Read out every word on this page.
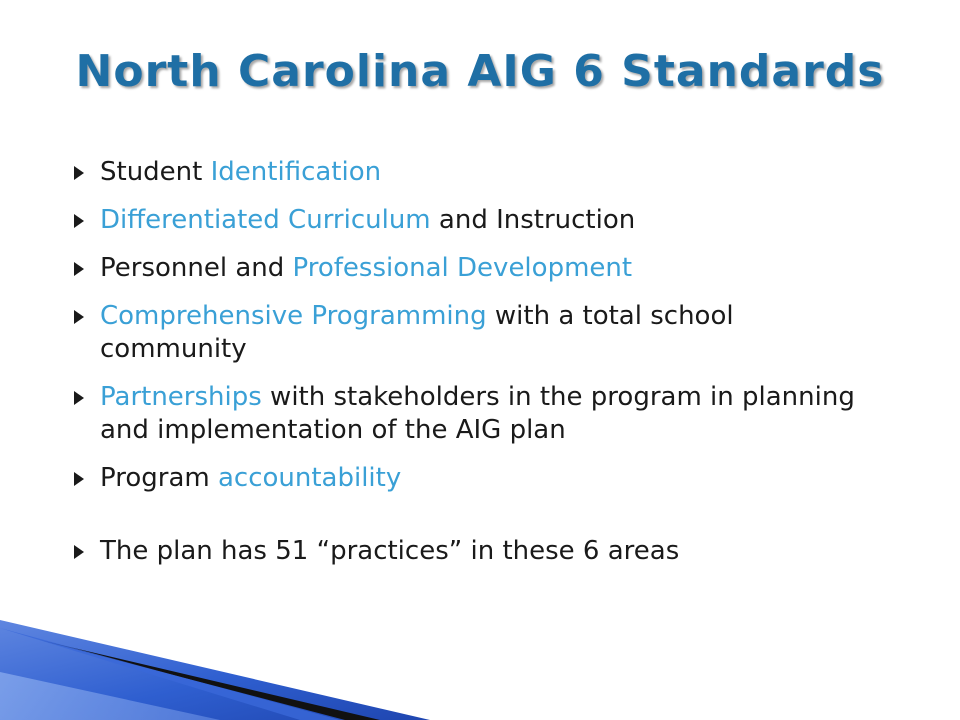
North Carolina AIG 6 Standards
Student Identification
Differentiated Curriculum and Instruction
Personnel and Professional Development
Comprehensive Programming with a total school community
Partnerships with stakeholders in the program in planning and implementation of the AIG plan
Program accountability
The plan has 51 “practices” in these 6 areas
